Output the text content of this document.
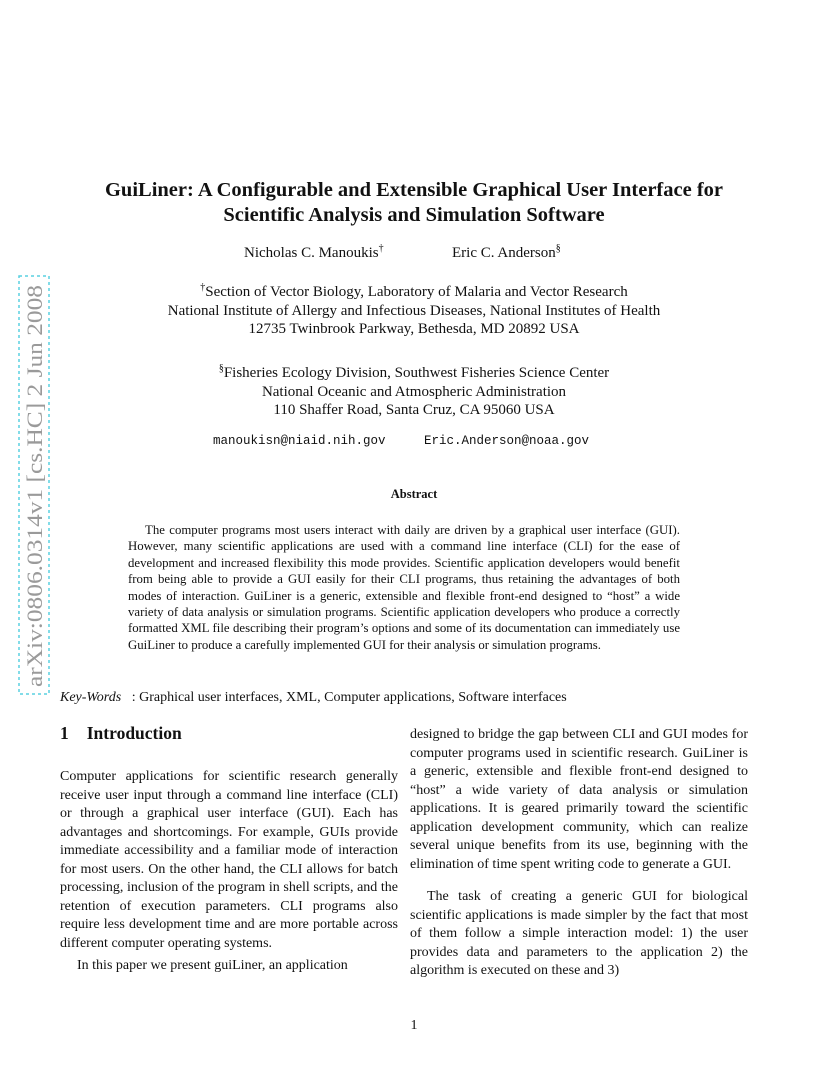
arXiv:0806.0314v1 [cs.HC] 2 Jun 2008
GuiLiner: A Configurable and Extensible Graphical User Interface for
Scientific Analysis and Simulation Software
Nicholas C. Manoukis†	Eric C. Anderson§
†Section of Vector Biology, Laboratory of Malaria and Vector Research
National Institute of Allergy and Infectious Diseases, National Institutes of Health
12735 Twinbrook Parkway, Bethesda, MD 20892 USA
§Fisheries Ecology Division, Southwest Fisheries Science Center
National Oceanic and Atmospheric Administration
110 Shaffer Road, Santa Cruz, CA 95060 USA
manoukisn@niaid.nih.gov	Eric.Anderson@noaa.gov
Abstract
The computer programs most users interact with daily are driven by a graphical user interface (GUI). However, many scientific applications are used with a command line interface (CLI) for the ease of development and increased flexibility this mode provides. Scientific application developers would benefit from being able to provide a GUI easily for their CLI programs, thus retaining the advantages of both modes of interaction. GuiLiner is a generic, extensible and flexible front-end designed to “host” a wide variety of data analysis or simulation programs. Scientific application developers who produce a correctly formatted XML file describing their program’s options and some of its documentation can immediately use GuiLiner to produce a carefully implemented GUI for their analysis or simulation programs.
Key-Words : Graphical user interfaces, XML, Computer applications, Software interfaces
1 Introduction

Computer applications for scientific research generally receive user input through a command line interface (CLI) or through a graphical user interface (GUI). Each has advantages and shortcomings. For example, GUIs provide immediate accessibility and a familiar mode of interaction for most users. On the other hand, the CLI allows for batch processing, inclusion of the program in shell scripts, and the retention of execution parameters. CLI programs also require less development time and are more portable across different computer operating systems.

In this paper we present guiLiner, an application

designed to bridge the gap between CLI and GUI modes for computer programs used in scientific research. GuiLiner is a generic, extensible and flexible front-end designed to “host” a wide variety of data analysis or simulation applications. It is geared primarily toward the scientific application development community, which can realize several unique benefits from its use, beginning with the elimination of time spent writing code to generate a GUI.

The task of creating a generic GUI for biological scientific applications is made simpler by the fact that most of them follow a simple interaction model: 1) the user provides data and parameters to the application 2) the algorithm is executed on these and 3)

1
